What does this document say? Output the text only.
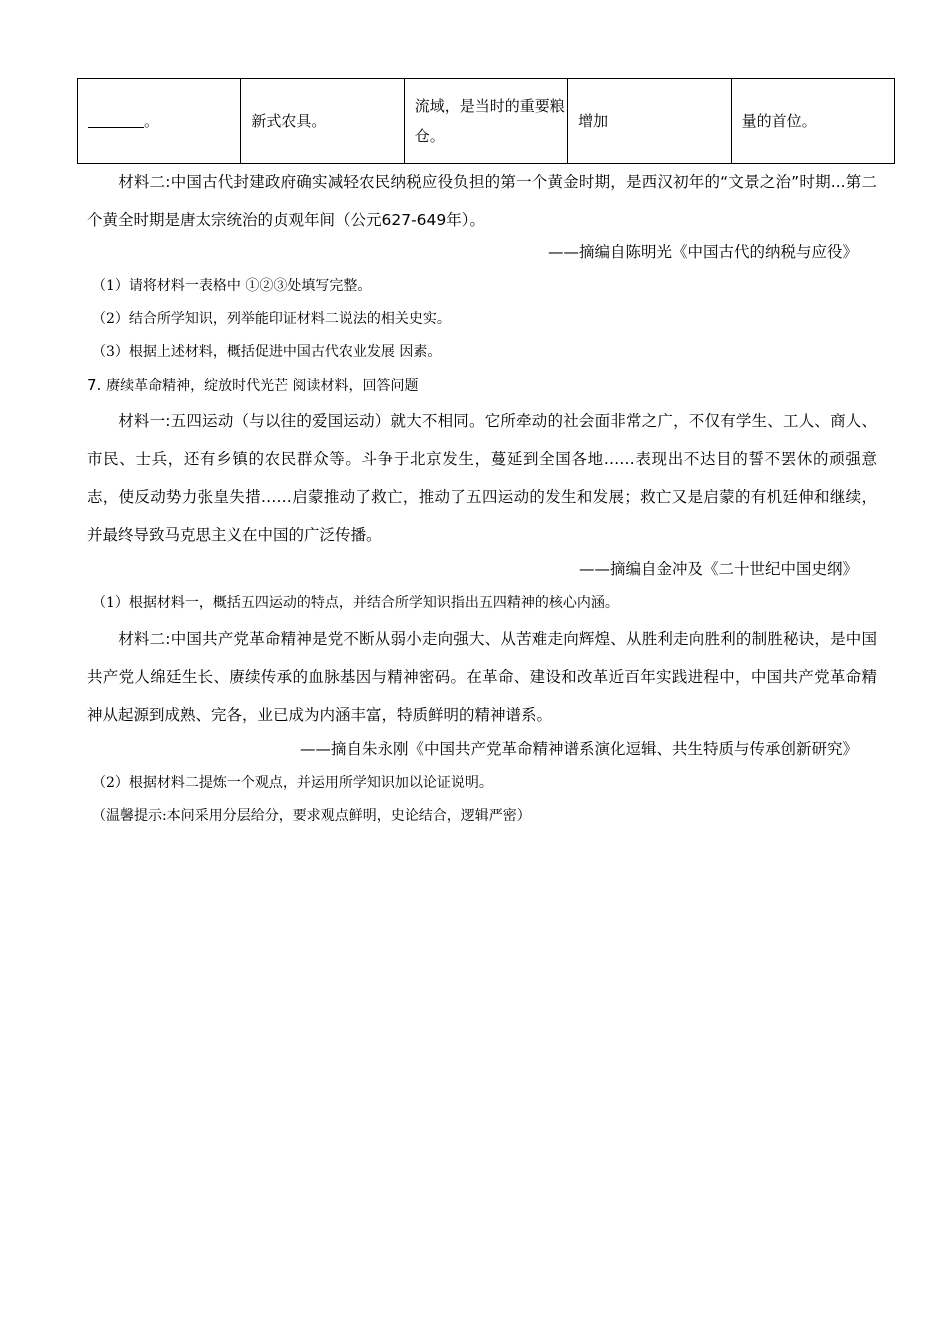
。	新式农具。	流域，是当时的重要粮仓。	增加	量的首位。

材料二:中国古代封建政府确实减轻农民纳税应役负担的第一个黄金时期，是西汉初年的“文景之治”时期...第二个黄全时期是唐太宗统治的贞观年间（公元627-649年）。

——摘编自陈明光《中国古代的纳税与应役》
（1）请将材料一表格中 ①②③处填写完整。
（2）结合所学知识，列举能印证材料二说法的相关史实。
（3）根据上述材料，概括促进中国古代农业发展 因素。
7. 赓续革命精神，绽放时代光芒 阅读材料，回答问题

材料一:五四运动（与以往的爱国运动）就大不相同。它所牵动的社会面非常之广，不仅有学生、工人、商人、市民、士兵，还有乡镇的农民群众等。斗争于北京发生，蔓延到全国各地……表现出不达目的誓不罢休的顽强意志，使反动势力张皇失措……启蒙推动了救亡，推动了五四运动的发生和发展；救亡又是启蒙的有机廷伸和继续，并最终导致马克思主义在中国的广泛传播。

——摘编自金冲及《二十世纪中国史纲》
（1）根据材料一，概括五四运动的特点，并结合所学知识指出五四精神的核心内涵。

材料二:中国共产党革命精神是党不断从弱小走向强大、从苦难走向辉煌、从胜利走向胜利的制胜秘诀，是中国共产党人绵廷生长、赓续传承的血脉基因与精神密码。在革命、建设和改革近百年实践进程中，中国共产党革命精神从起源到成熟、完各，业已成为内涵丰富，特质鲜明的精神谱系。

——摘自朱永刚《中国共产党革命精神谱系演化逗辑、共生特质与传承创新研究》
（2）根据材料二提炼一个观点，并运用所学知识加以论证说明。
（温馨提示:本问采用分层给分，要求观点鲜明，史论结合，逻辑严密）
